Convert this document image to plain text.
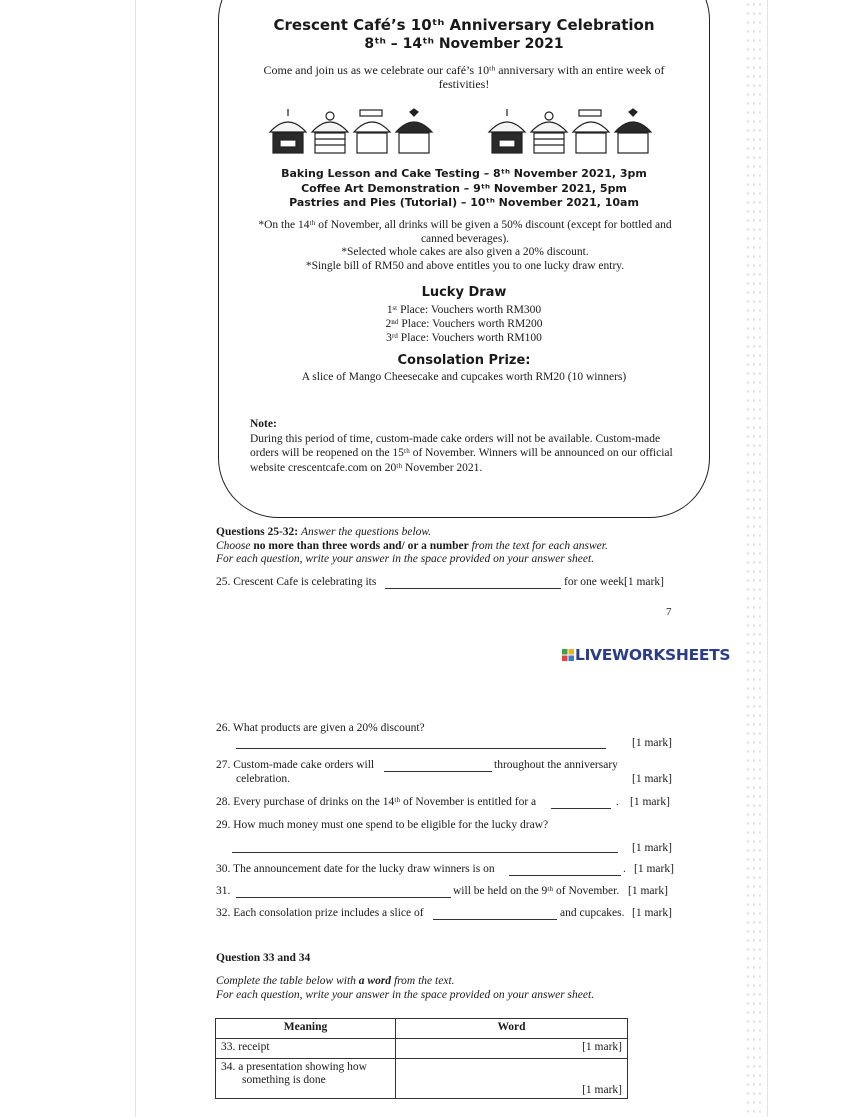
Crescent Café’s 10ᵗʰ Anniversary Celebration
8ᵗʰ – 14ᵗʰ November 2021
Come and join us as we celebrate our café’s 10ᵗʰ anniversary with an entire week of festivities!
Baking Lesson and Cake Testing – 8ᵗʰ November 2021, 3pm
Coffee Art Demonstration – 9ᵗʰ November 2021, 5pm
Pastries and Pies (Tutorial) – 10ᵗʰ November 2021, 10am
*On the 14ᵗʰ of November, all drinks will be given a 50% discount (except for bottled and canned beverages).
*Selected whole cakes are also given a 20% discount.
*Single bill of RM50 and above entitles you to one lucky draw entry.
Lucky Draw
1ˢᵗ Place: Vouchers worth RM300
2ⁿᵈ Place: Vouchers worth RM200
3ʳᵈ Place: Vouchers worth RM100
Consolation Prize:
A slice of Mango Cheesecake and cupcakes worth RM20 (10 winners)
Note:
During this period of time, custom-made cake orders will not be available. Custom-made orders will be reopened on the 15ᵗʰ of November. Winners will be announced on our official website crescentcafe.com on 20ᵗʰ November 2021.
Questions 25-32: Answer the questions below.
Choose no more than three words and/ or a number from the text for each answer.
For each question, write your answer in the space provided on your answer sheet.
25. Crescent Cafe is celebrating its	for one week.
[1 mark]
7
LIVEWORKSHEETS
26. What products are given a 20% discount?
[1 mark]
27. Custom-made cake orders will	throughout the anniversary
celebration.	[1 mark]
28. Every purchase of drinks on the 14ᵗʰ of November is entitled for a	. [1 mark]
29. How much money must one spend to be eligible for the lucky draw?
[1 mark]
30. The announcement date for the lucky draw winners is on	. [1 mark]
31.	will be held on the 9ᵗʰ of November. [1 mark]
32. Each consolation prize includes a slice of	and cupcakes. [1 mark]
Question 33 and 34
Complete the table below with a word from the text.
For each question, write your answer in the space provided on your answer sheet.
Meaning	Word
33. receipt	[1 mark]

34. a presentation showing how
something is done	[1 mark]
